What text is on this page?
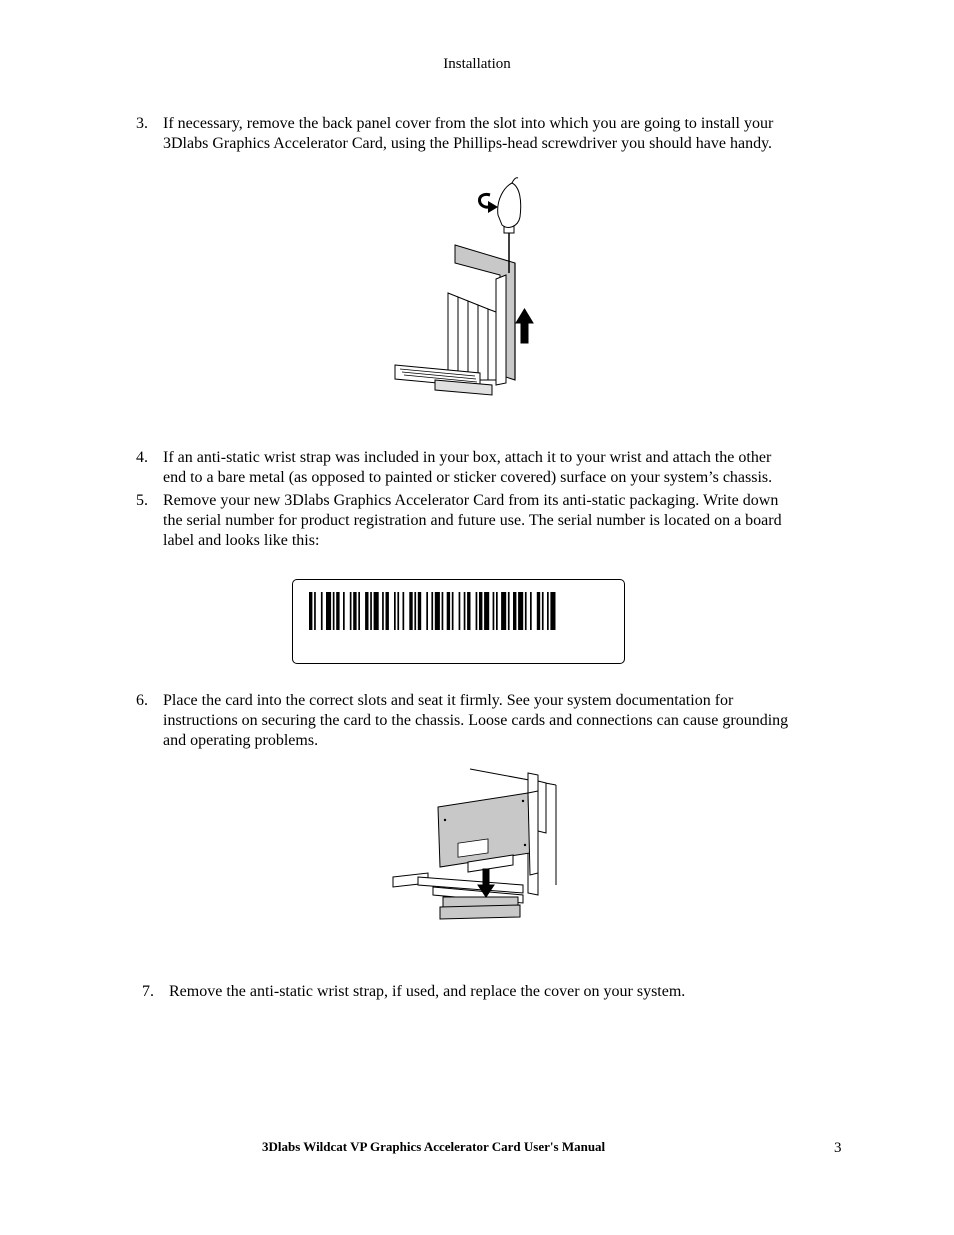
Installation
3. If necessary, remove the back panel cover from the slot into which you are going to install your
3Dlabs Graphics Accelerator Card, using the Phillips-head screwdriver you should have handy.
4. If an anti-static wrist strap was included in your box, attach it to your wrist and attach the other
end to a bare metal (as opposed to painted or sticker covered) surface on your system’s chassis.
5. Remove your new 3Dlabs Graphics Accelerator Card from its anti-static packaging. Write down
the serial number for product registration and future use. The serial number is located on a board
label and looks like this:
6. Place the card into the correct slots and seat it firmly. See your system documentation for
instructions on securing the card to the chassis. Loose cards and connections can cause grounding
and operating problems.
7. Remove the anti-static wrist strap, if used, and replace the cover on your system.
3Dlabs Wildcat VP Graphics Accelerator Card User's Manual	3
